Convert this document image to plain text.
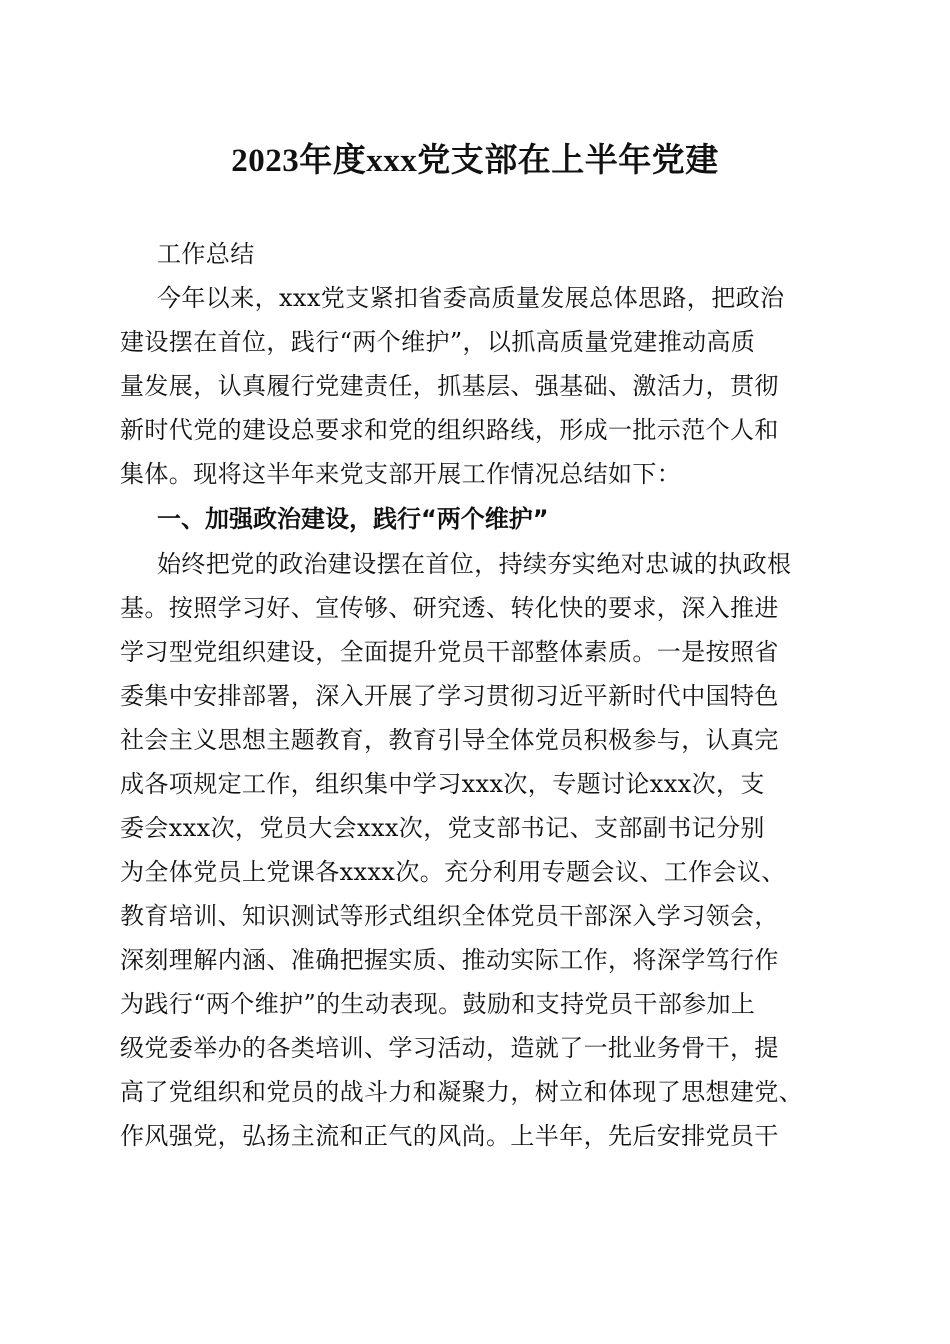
2023年度xxx党支部在上半年党建

工作总结

今年以来，xxx党支紧扣省委高质量发展总体思路，把政治

建设摆在首位，践行“两个维护”，以抓高质量党建推动高质

量发展，认真履行党建责任，抓基层、强基础、激活力，贯彻

新时代党的建设总要求和党的组织路线，形成一批示范个人和

集体。现将这半年来党支部开展工作情况总结如下：

一、加强政治建设，践行“两个维护”

始终把党的政治建设摆在首位，持续夯实绝对忠诚的执政根

基。按照学习好、宣传够、研究透、转化快的要求，深入推进

学习型党组织建设，全面提升党员干部整体素质。一是按照省

委集中安排部署，深入开展了学习贯彻习近平新时代中国特色

社会主义思想主题教育，教育引导全体党员积极参与，认真完

成各项规定工作，组织集中学习xxx次，专题讨论xxx次，支

委会xxx次，党员大会xxx次，党支部书记、支部副书记分别

为全体党员上党课各xxxx次。充分利用专题会议、工作会议、

教育培训、知识测试等形式组织全体党员干部深入学习领会，

深刻理解内涵、准确把握实质、推动实际工作，将深学笃行作

为践行“两个维护”的生动表现。鼓励和支持党员干部参加上

级党委举办的各类培训、学习活动，造就了一批业务骨干，提

高了党组织和党员的战斗力和凝聚力，树立和体现了思想建党、

作风强党，弘扬主流和正气的风尚。上半年，先后安排党员干
